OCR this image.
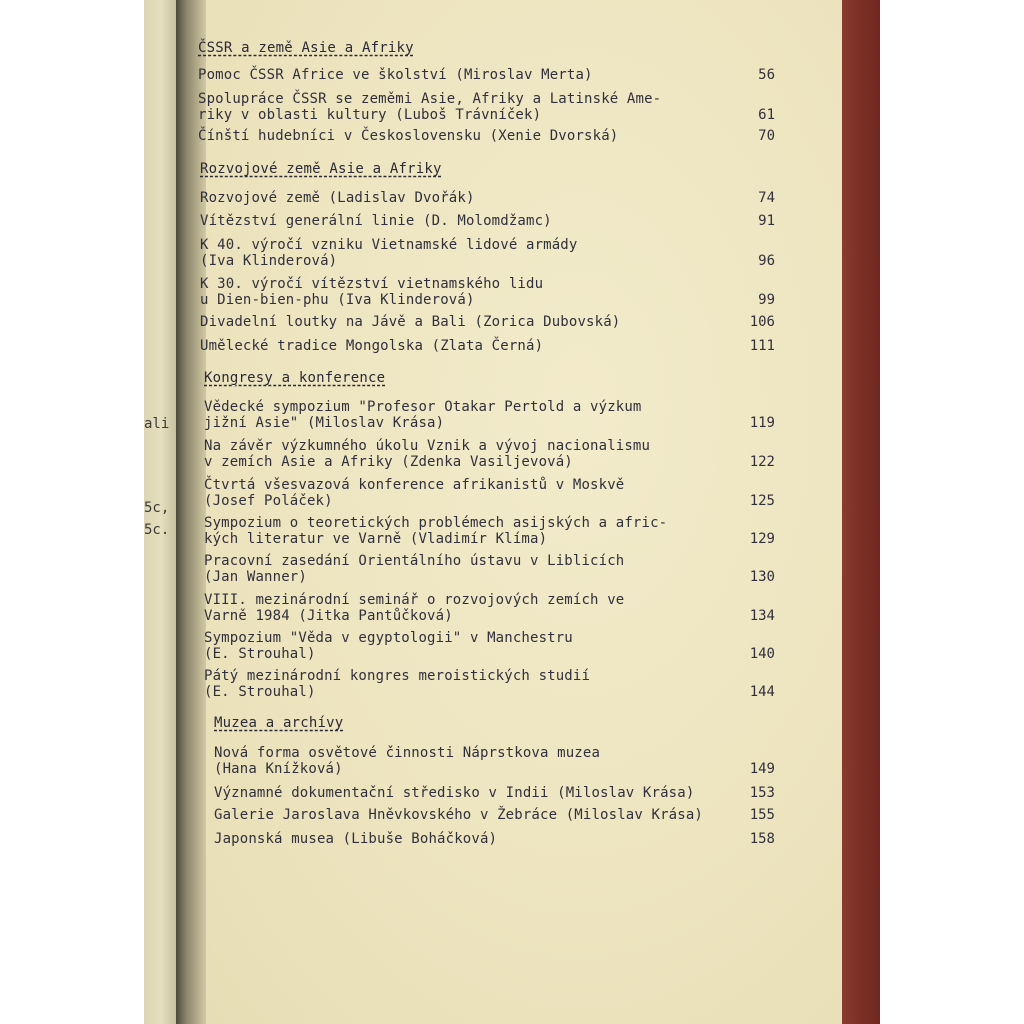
ali
5c,
5c.
ČSSR a země Asie a Afriky
Pomoc ČSSR Africe ve školství (Miroslav Merta)	56
Spolupráce ČSSR se zeměmi Asie, Afriky a Latinské Ame-
riky v oblasti kultury (Luboš Trávníček)	61
Čínští hudebníci v Československu (Xenie Dvorská)	70
Rozvojové země Asie a Afriky
Rozvojové země (Ladislav Dvořák)	74
Vítězství generální linie (D. Molomdžamc)	91
K 40. výročí vzniku Vietnamské lidové armády
(Iva Klinderová)	96
K 30. výročí vítězství vietnamského lidu
u Dien-bien-phu (Iva Klinderová)	99
Divadelní loutky na Jávě a Bali (Zorica Dubovská)	106
Umělecké tradice Mongolska (Zlata Černá)	111
Kongresy a konference
Vědecké sympozium "Profesor Otakar Pertold a výzkum
jižní Asie" (Miloslav Krása)	119
Na závěr výzkumného úkolu Vznik a vývoj nacionalismu
v zemích Asie a Afriky (Zdenka Vasiljevová)	122
Čtvrtá všesvazová konference afrikanistů v Moskvě
(Josef Poláček)	125
Sympozium o teoretických problémech asijských a afric-
kých literatur ve Varně (Vladimír Klíma)	129
Pracovní zasedání Orientálního ústavu v Liblicích
(Jan Wanner)	130
VIII. mezinárodní seminář o rozvojových zemích ve
Varně 1984 (Jitka Pantůčková)	134
Sympozium "Věda v egyptologii" v Manchestru
(E. Strouhal)	140
Pátý mezinárodní kongres meroistických studií
(E. Strouhal)	144
Muzea a archívy
Nová forma osvětové činnosti Náprstkova muzea
(Hana Knížková)	149
Významné dokumentační středisko v Indii (Miloslav Krása)	153
Galerie Jaroslava Hněvkovského v Žebráce (Miloslav Krása)	155
Japonská musea (Libuše Boháčková)	158
